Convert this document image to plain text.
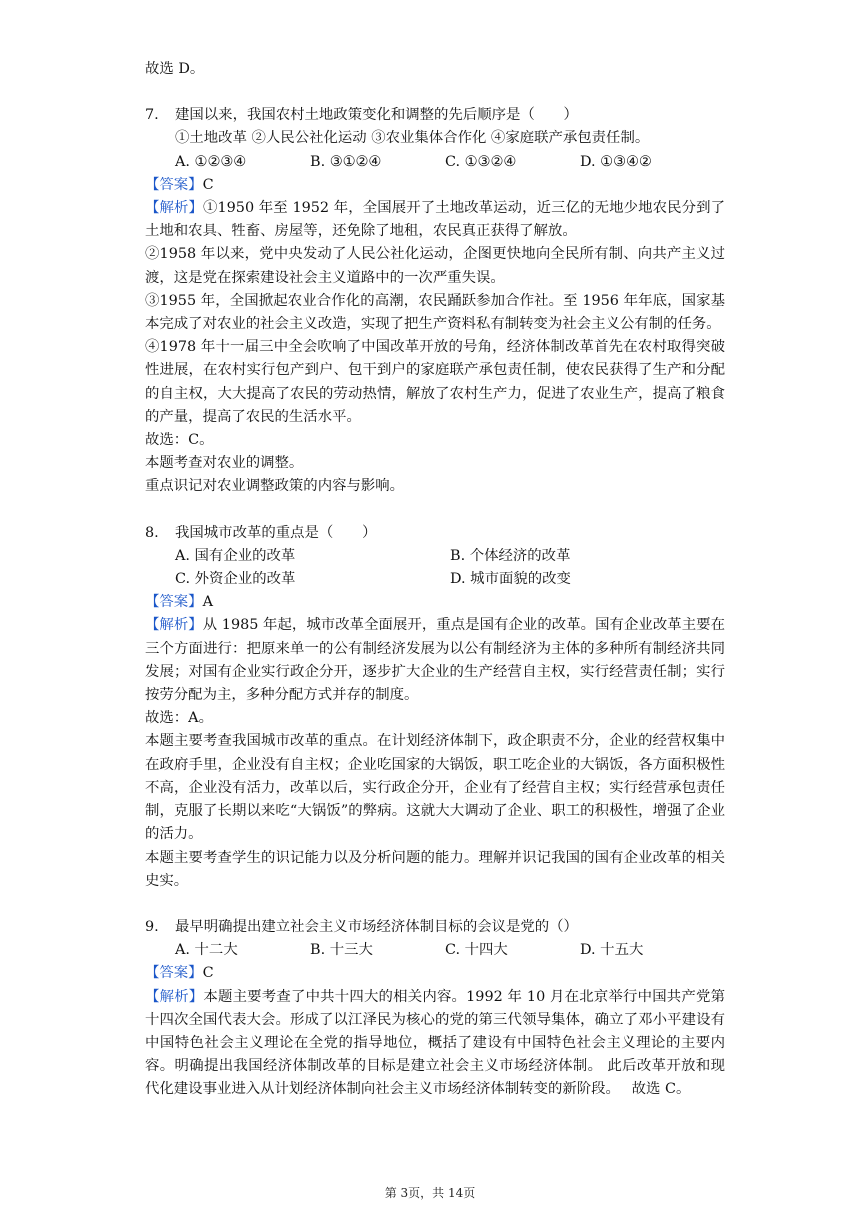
故选 D。
7.	建国以来，我国农村土地政策变化和调整的先后顺序是（　　）
①土地改革 ②人民公社化运动 ③农业集体合作化 ④家庭联产承包责任制。
A. ①②③④	B. ③①②④	C. ①③②④	D. ①③④②
【答案】C
【解析】①1950 年至 1952 年，全国展开了土地改革运动，近三亿的无地少地农民分到了土地和农具、牲畜、房屋等，还免除了地租，农民真正获得了解放。
②1958 年以来，党中央发动了人民公社化运动，企图更快地向全民所有制、向共产主义过渡，这是党在探索建设社会主义道路中的一次严重失误。
③1955 年，全国掀起农业合作化的高潮，农民踊跃参加合作社。至 1956 年年底，国家基本完成了对农业的社会主义改造，实现了把生产资料私有制转变为社会主义公有制的任务。
④1978 年十一届三中全会吹响了中国改革开放的号角，经济体制改革首先在农村取得突破性进展，在农村实行包产到户、包干到户的家庭联产承包责任制，使农民获得了生产和分配的自主权，大大提高了农民的劳动热情，解放了农村生产力，促进了农业生产，提高了粮食的产量，提高了农民的生活水平。
故选：C。
本题考查对农业的调整。
重点识记对农业调整政策的内容与影响。
8.	我国城市改革的重点是（　　）
A. 国有企业的改革	B. 个体经济的改革
C. 外资企业的改革	D. 城市面貌的改变
【答案】A
【解析】从 1985 年起，城市改革全面展开，重点是国有企业的改革。国有企业改革主要在三个方面进行：把原来单一的公有制经济发展为以公有制经济为主体的多种所有制经济共同发展；对国有企业实行政企分开，逐步扩大企业的生产经营自主权，实行经营责任制；实行按劳分配为主，多种分配方式并存的制度。
故选：A。
本题主要考查我国城市改革的重点。在计划经济体制下，政企职责不分，企业的经营权集中在政府手里，企业没有自主权；企业吃国家的大锅饭，职工吃企业的大锅饭，各方面积极性不高，企业没有活力，改革以后，实行政企分开，企业有了经营自主权；实行经营承包责任制，克服了长期以来吃“大锅饭”的弊病。这就大大调动了企业、职工的积极性，增强了企业的活力。
本题主要考查学生的识记能力以及分析问题的能力。理解并识记我国的国有企业改革的相关史实。
9.	最早明确提出建立社会主义市场经济体制目标的会议是党的（）
A. 十二大	B. 十三大	C. 十四大	D. 十五大
【答案】C
【解析】本题主要考查了中共十四大的相关内容。1992 年 10 月在北京举行中国共产党第十四次全国代表大会。形成了以江泽民为核心的党的第三代领导集体，确立了邓小平建设有中国特色社会主义理论在全党的指导地位，概括了建设有中国特色社会主义理论的主要内容。明确提出我国经济体制改革的目标是建立社会主义市场经济体制。 此后改革开放和现代化建设事业进入从计划经济体制向社会主义市场经济体制转变的新阶段。　 故选 C。
第 3页，共 14页
